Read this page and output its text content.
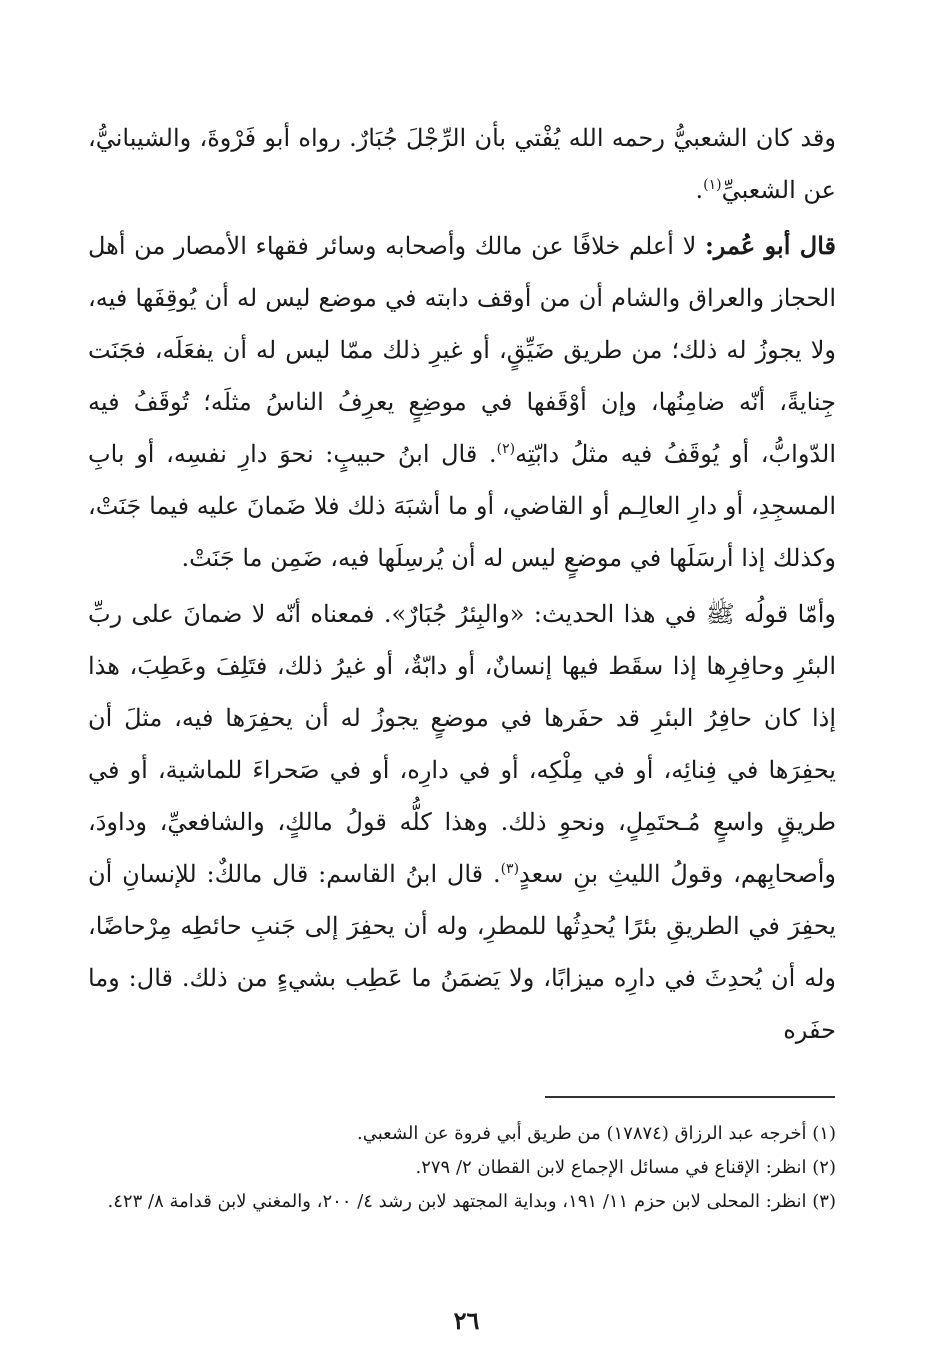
وقد كان الشعبيُّ رحمه الله يُفْتي بأن الرِّجْلَ جُبَارٌ. رواه أبو فَرْوةَ، والشيبانيُّ، عن الشعبيِّ$^{(١)}$.

قال أبو عُمر: لا أعلم خلافًا عن مالك وأصحابه وسائر فقهاء الأمصار من أهل الحجاز والعراق والشام أن من أوقف دابته في موضع ليس له أن يُوقِفَها فيه، ولا يجوزُ له ذلك؛ من طريق ضَيِّقٍ، أو غيرِ ذلك ممّا ليس له أن يفعَلَه، فجَنَت جِنايةً، أنّه ضامِنُها، وإن أوْقَفها في موضِعٍ يعرِفُ الناسُ مثلَه؛ تُوقَفُ فيه الدّوابُّ، أو يُوقَفُ فيه مثلُ دابّتِه$^{(٢)}$. قال ابنُ حبيبٍ: نحوَ دارِ نفسِه، أو بابِ المسجِدِ، أو دارِ العالِـم أو القاضي، أو ما أشبَهَ ذلك فلا ضَمانَ عليه فيما جَنَتْ، وكذلك إذا أرسَلَها في موضعٍ ليس له أن يُرسِلَها فيه، ضَمِن ما جَنَتْ.

وأمّا قولُه ﷺ في هذا الحديث: «والبِئرُ جُبَارٌ». فمعناه أنّه لا ضمانَ على ربِّ البئرِ وحافِرِها إذا سقَط فيها إنسانٌ، أو دابّةٌ، أو غيرُ ذلك، فتَلِفَ وعَطِبَ، هذا إذا كان حافِرُ البئرِ قد حفَرها في موضعٍ يجوزُ له أن يحفِرَها فيه، مثلَ أن يحفِرَها في فِنائِه، أو في مِلْكِه، أو في دارِه، أو في صَحراءَ للماشية، أو في طريقٍ واسعٍ مُـحتَمِلٍ، ونحوِ ذلك. وهذا كلُّه قولُ مالكٍ، والشافعيِّ، وداودَ، وأصحابِهم، وقولُ الليثِ بنِ سعدٍ$^{(٣)}$. قال ابنُ القاسم: قال مالكٌ: للإنسانِ أن يحفِرَ في الطريقِ بئرًا يُحدِثُها للمطرِ، وله أن يحفِرَ إلى جَنبِ حائطِه مِرْحاضًا، وله أن يُحدِثَ في دارِه ميزابًا، ولا يَضمَنُ ما عَطِب بشيءٍ من ذلك. قال: وما حفَره

(١) أخرجه عبد الرزاق (١٧٨٧٤) من طريق أبي فروة عن الشعبي.

(٢) انظر: الإقناع في مسائل الإجماع لابن القطان ٢/ ٢٧٩.

(٣) انظر: المحلى لابن حزم ١١/ ١٩١، وبداية المجتهد لابن رشد ٤/ ٢٠٠، والمغني لابن قدامة ٨/ ٤٢٣.

٢٦
